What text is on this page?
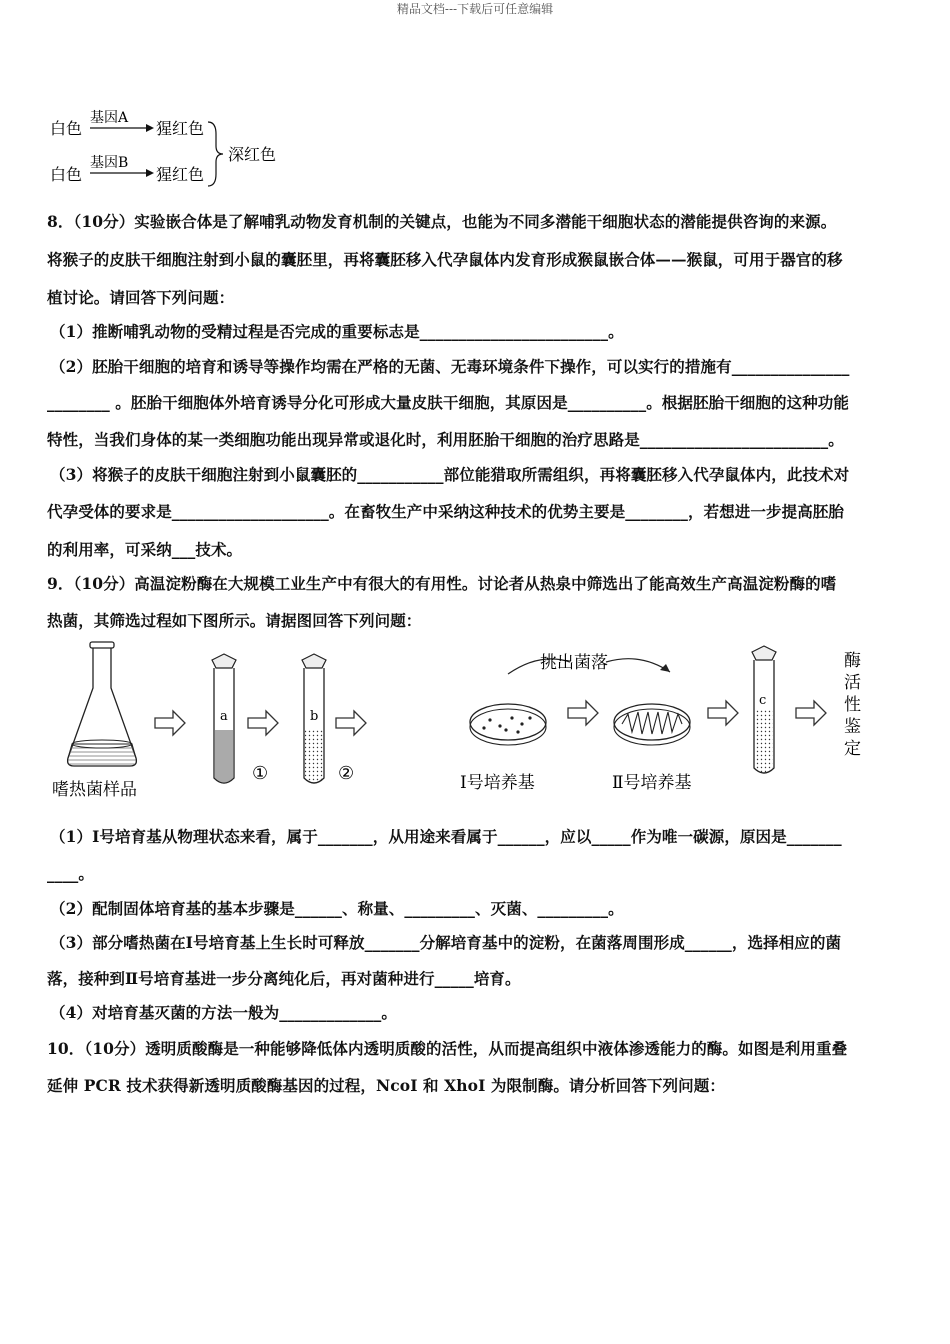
精品文档---下载后可任意编辑
白色
基因A
猩红色
白色
基因B
猩红色
深红色
8．（10分）实验嵌合体是了解哺乳动物发育机制的关键点，也能为不同多潜能干细胞状态的潜能提供咨询的来源。
将猴子的皮肤干细胞注射到小鼠的囊胚里，再将囊胚移入代孕鼠体内发育形成猴鼠嵌合体——猴鼠，可用于器官的移
植讨论。请回答下列问题：
（1）推断哺乳动物的受精过程是否完成的重要标志是________________________。
（2）胚胎干细胞的培育和诱导等操作均需在严格的无菌、无毒环境条件下操作，可以实行的措施有_______________
________ 。胚胎干细胞体外培育诱导分化可形成大量皮肤干细胞，其原因是__________。根据胚胎干细胞的这种功能
特性，当我们身体的某一类细胞功能出现异常或退化时，利用胚胎干细胞的治疗思路是________________________。
（3）将猴子的皮肤干细胞注射到小鼠囊胚的___________部位能猎取所需组织，再将囊胚移入代孕鼠体内，此技术对
代孕受体的要求是____________________。在畜牧生产中采纳这种技术的优势主要是________，若想进一步提高胚胎
的利用率，可采纳___技术。
9．（10分）高温淀粉酶在大规模工业生产中有很大的有用性。讨论者从热泉中筛选出了能高效生产高温淀粉酶的嗜
热菌，其筛选过程如下图所示。请据图回答下列问题：
嗜热菌样品
a
①
b
②
挑出菌落
Ⅰ号培养基	Ⅱ号培养基
c
酶
活
性
鉴
定
（1）Ⅰ号培育基从物理状态来看，属于_______，从用途来看属于______，应以_____作为唯一碳源，原因是_______
____。
（2）配制固体培育基的基本步骤是______、称量、_________、灭菌、_________。
（3）部分嗜热菌在Ⅰ号培育基上生长时可释放_______分解培育基中的淀粉，在菌落周围形成______，选择相应的菌
落，接种到Ⅱ号培育基进一步分离纯化后，再对菌种进行_____培育。
（4）对培育基灭菌的方法一般为_____________。
10．（10分）透明质酸酶是一种能够降低体内透明质酸的活性，从而提高组织中液体渗透能力的酶。如图是利用重叠
延伸 PCR 技术获得新透明质酸酶基因的过程，NcoI 和 XhoI 为限制酶。请分析回答下列问题：
